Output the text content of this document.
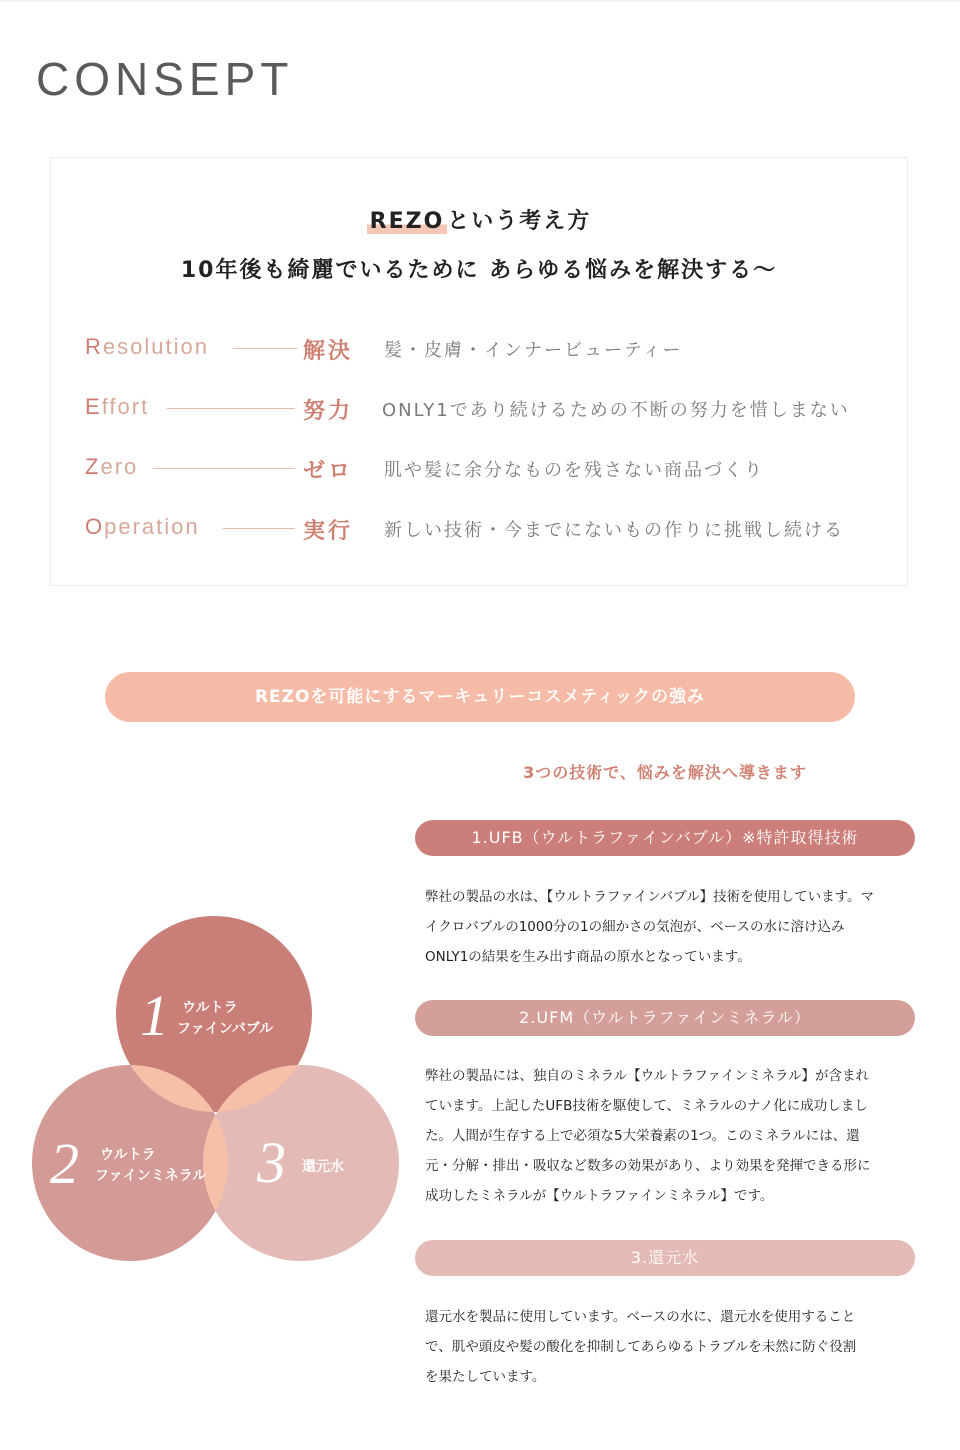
CONSEPT
REZO という考え方
10年後も綺麗でいるために あらゆる悩みを解決する～
Resolution	解決 髪・皮膚・インナービューティー
Effort	努力 ONLY1であり続けるための不断の努力を惜しまない
Zero	ゼロ 肌や髪に余分なものを残さない商品づくり
Operation	実行 新しい技術・今までにないもの作りに挑戦し続ける
REZOを可能にするマーキュリーコスメティックの強み
3つの技術で、悩みを解決へ導きます
1.UFB（ウルトラファインバブル）※特許取得技術
弊社の製品の水は、【ウルトラファインバブル】技術を使用しています。マ
イクロバブルの1000分の1の細かさの気泡が、ベースの水に溶け込み
ONLY1の結果を生み出す商品の原水となっています。
2.UFM（ウルトラファインミネラル）
弊社の製品には、独自のミネラル【ウルトラファインミネラル】が含まれ
ています。上記したUFB技術を駆使して、ミネラルのナノ化に成功しまし
た。人間が生存する上で必須な5大栄養素の1つ。このミネラルには、還
元・分解・排出・吸収など数多の効果があり、より効果を発揮できる形に
成功したミネラルが【ウルトラファインミネラル】です。
3.還元水
還元水を製品に使用しています。ベースの水に、還元水を使用すること
で、肌や頭皮や髪の酸化を抑制してあらゆるトラブルを未然に防ぐ役割
を果たしています。
1 ウルトラ
ファインバブル
2 ウルトラ
ファインミネラル 3 還元水
